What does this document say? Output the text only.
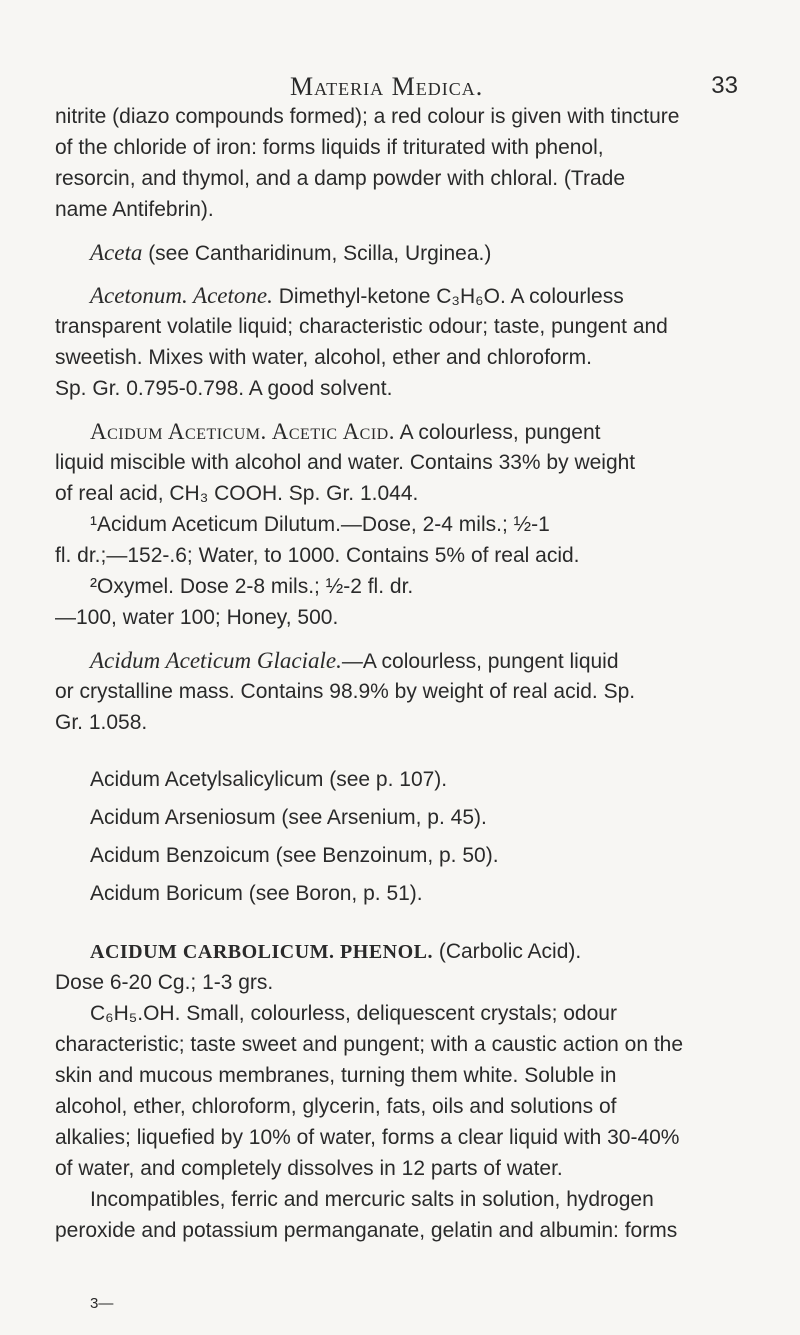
Materia Medica.	33
nitrite (diazo compounds formed); a red colour is given with tincture
of the chloride of iron: forms liquids if triturated with phenol,
resorcin, and thymol, and a damp powder with chloral. (Trade
name Antifebrin).
Aceta (see Cantharidinum, Scilla, Urginea.)
Acetonum. Acetone. Dimethyl-ketone C₃H₆O. A colourless
transparent volatile liquid; characteristic odour; taste, pungent and
sweetish. Mixes with water, alcohol, ether and chloroform.
Sp. Gr. 0.795-0.798. A good solvent.
Acidum Aceticum. Acetic Acid. A colourless, pungent
liquid miscible with alcohol and water. Contains 33% by weight
of real acid, CH₃ COOH. Sp. Gr. 1.044.
¹Acidum Aceticum Dilutum.—Dose, 2-4 mils.; ½-1
fl. dr.;—152-.6; Water, to 1000. Contains 5% of real acid.
²Oxymel. Dose 2-8 mils.; ½-2 fl. dr.
—100, water 100; Honey, 500.
Acidum Aceticum Glaciale.—A colourless, pungent liquid
or crystalline mass. Contains 98.9% by weight of real acid. Sp.
Gr. 1.058.
Acidum Acetylsalicylicum (see p. 107).
Acidum Arseniosum (see Arsenium, p. 45).
Acidum Benzoicum (see Benzoinum, p. 50).
Acidum Boricum (see Boron, p. 51).
ACIDUM CARBOLICUM. PHENOL. (Carbolic Acid).
Dose 6-20 Cg.; 1-3 grs.
C₆H₅.OH. Small, colourless, deliquescent crystals; odour
characteristic; taste sweet and pungent; with a caustic action on the
skin and mucous membranes, turning them white. Soluble in
alcohol, ether, chloroform, glycerin, fats, oils and solutions of
alkalies; liquefied by 10% of water, forms a clear liquid with 30-40%
of water, and completely dissolves in 12 parts of water.
Incompatibles, ferric and mercuric salts in solution, hydrogen
peroxide and potassium permanganate, gelatin and albumin: forms
3—
